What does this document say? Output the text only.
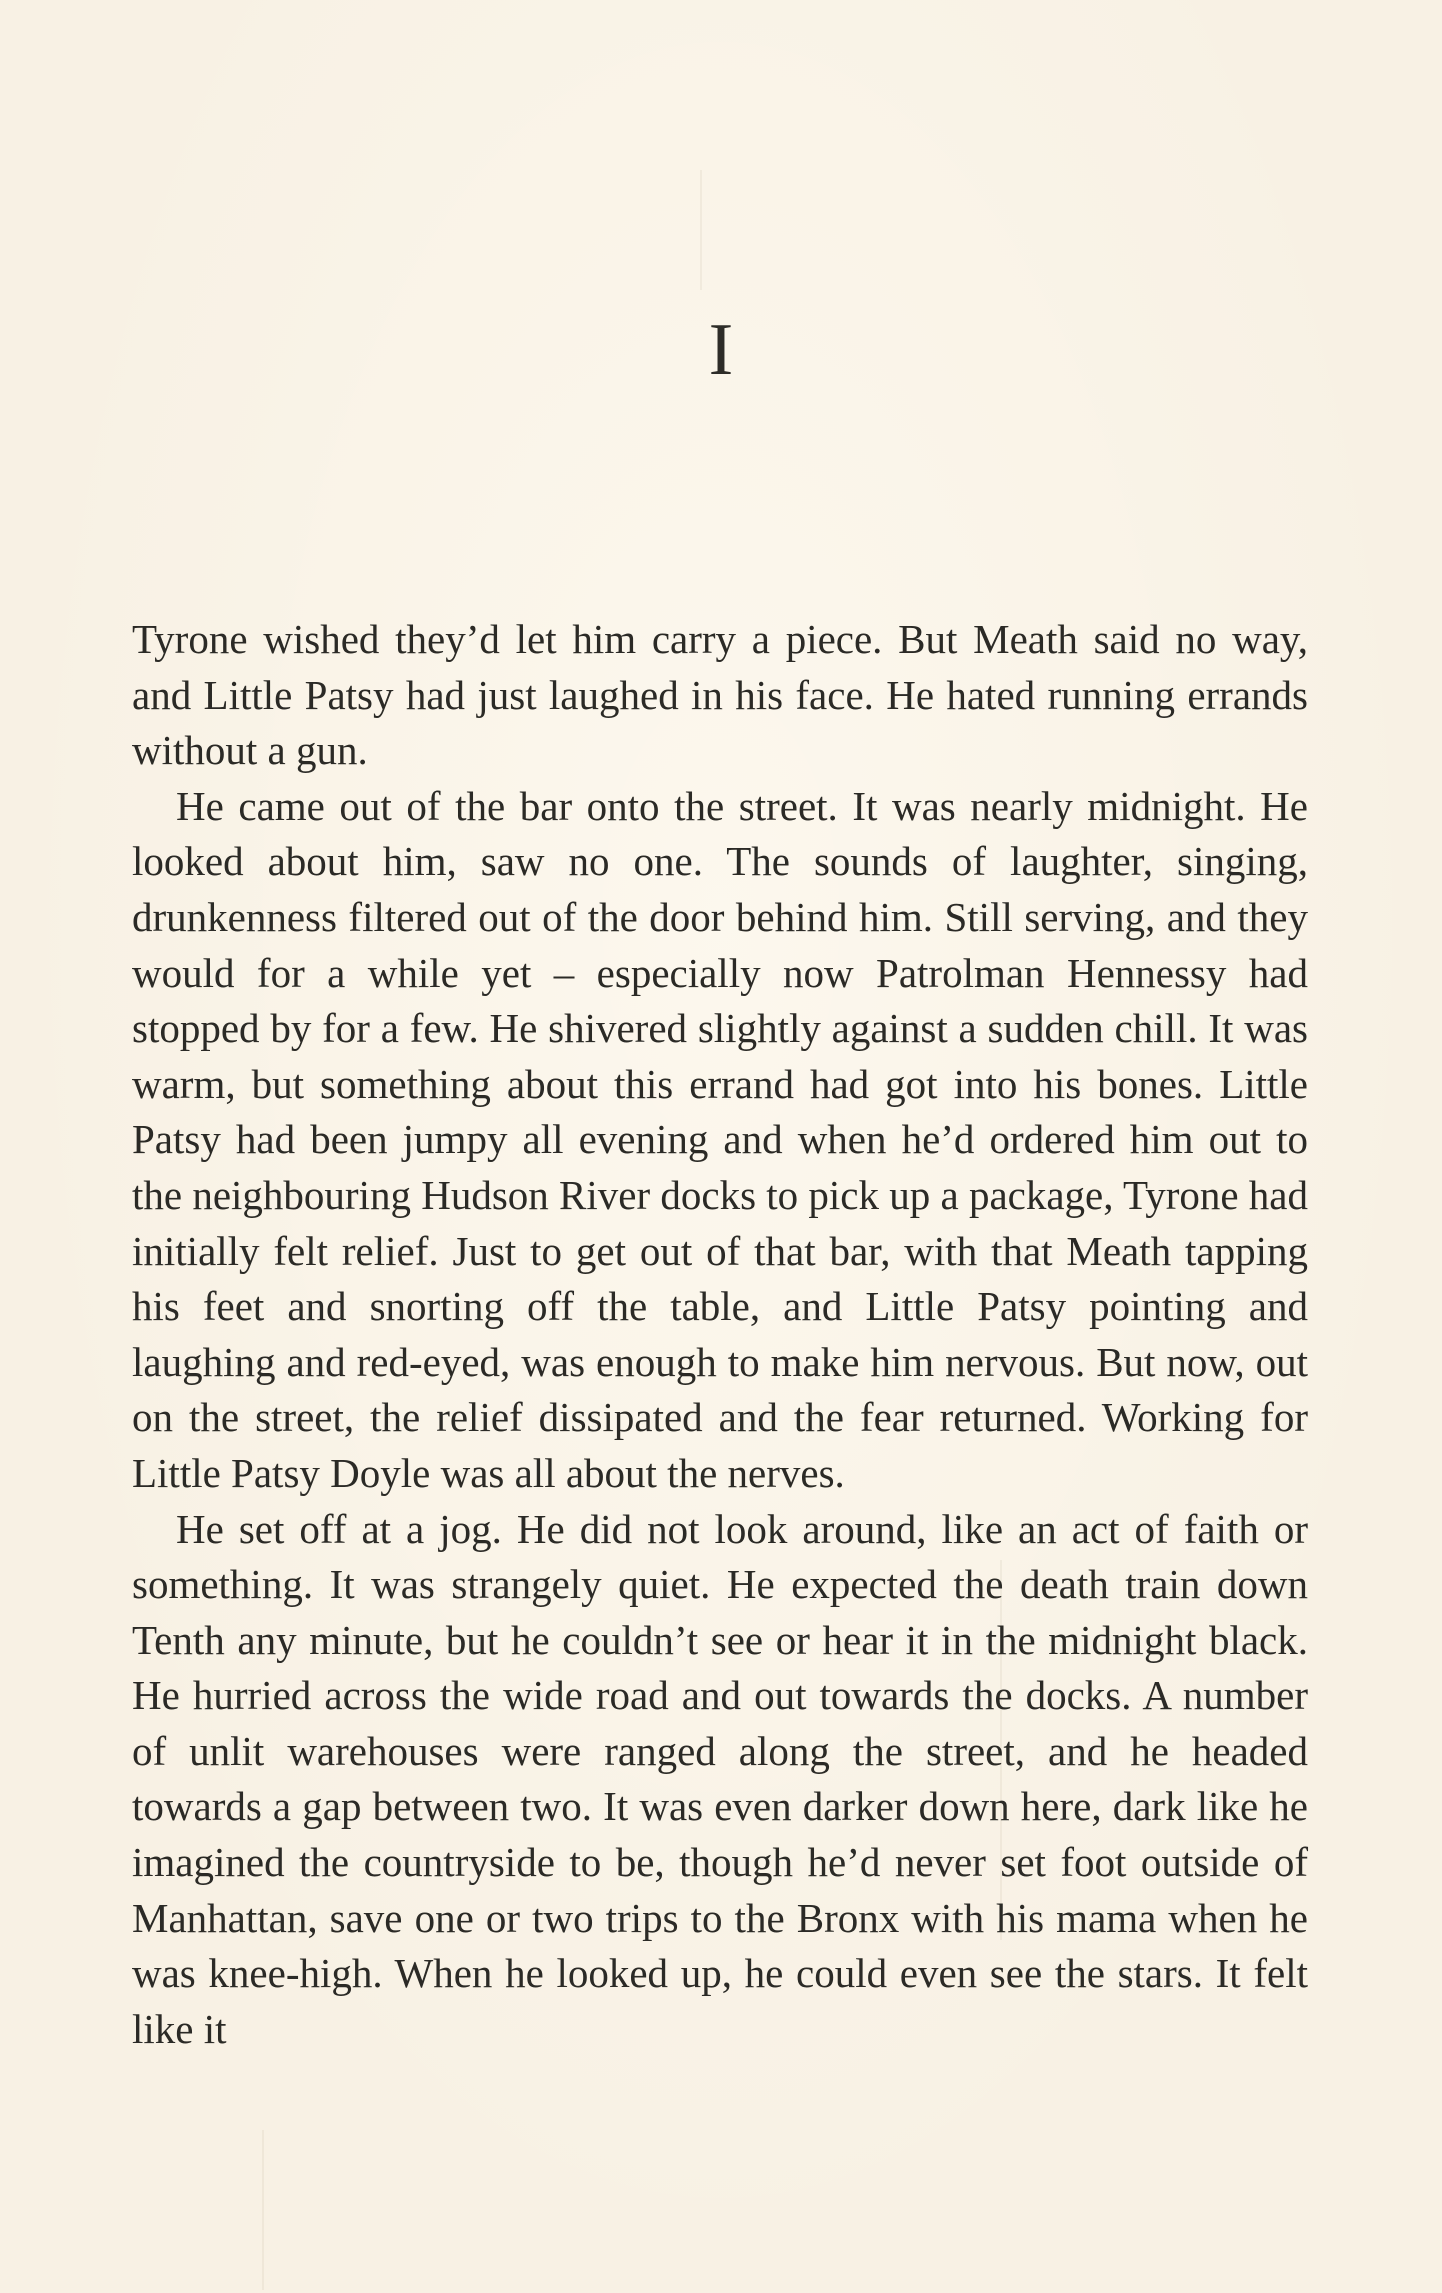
I

Tyrone wished they’d let him carry a piece. But Meath said no way, and Little Patsy had just laughed in his face. He hated running errands without a gun.

He came out of the bar onto the street. It was nearly midnight. He looked about him, saw no one. The sounds of laughter, singing, drunkenness filtered out of the door behind him. Still serving, and they would for a while yet – especially now Patrolman Hennessy had stopped by for a few. He shivered slightly against a sudden chill. It was warm, but something about this errand had got into his bones. Little Patsy had been jumpy all evening and when he’d ordered him out to the neighbouring Hudson River docks to pick up a package, Tyrone had initially felt relief. Just to get out of that bar, with that Meath tapping his feet and snorting off the table, and Little Patsy pointing and laughing and red-eyed, was enough to make him nervous. But now, out on the street, the relief dissipated and the fear returned. Working for Little Patsy Doyle was all about the nerves.

He set off at a jog. He did not look around, like an act of faith or something. It was strangely quiet. He expected the death train down Tenth any minute, but he couldn’t see or hear it in the midnight black. He hurried across the wide road and out towards the docks. A number of unlit warehouses were ranged along the street, and he headed towards a gap between two. It was even darker down here, dark like he imagined the countryside to be, though he’d never set foot outside of Manhattan, save one or two trips to the Bronx with his mama when he was knee-high. When he looked up, he could even see the stars. It felt like it
